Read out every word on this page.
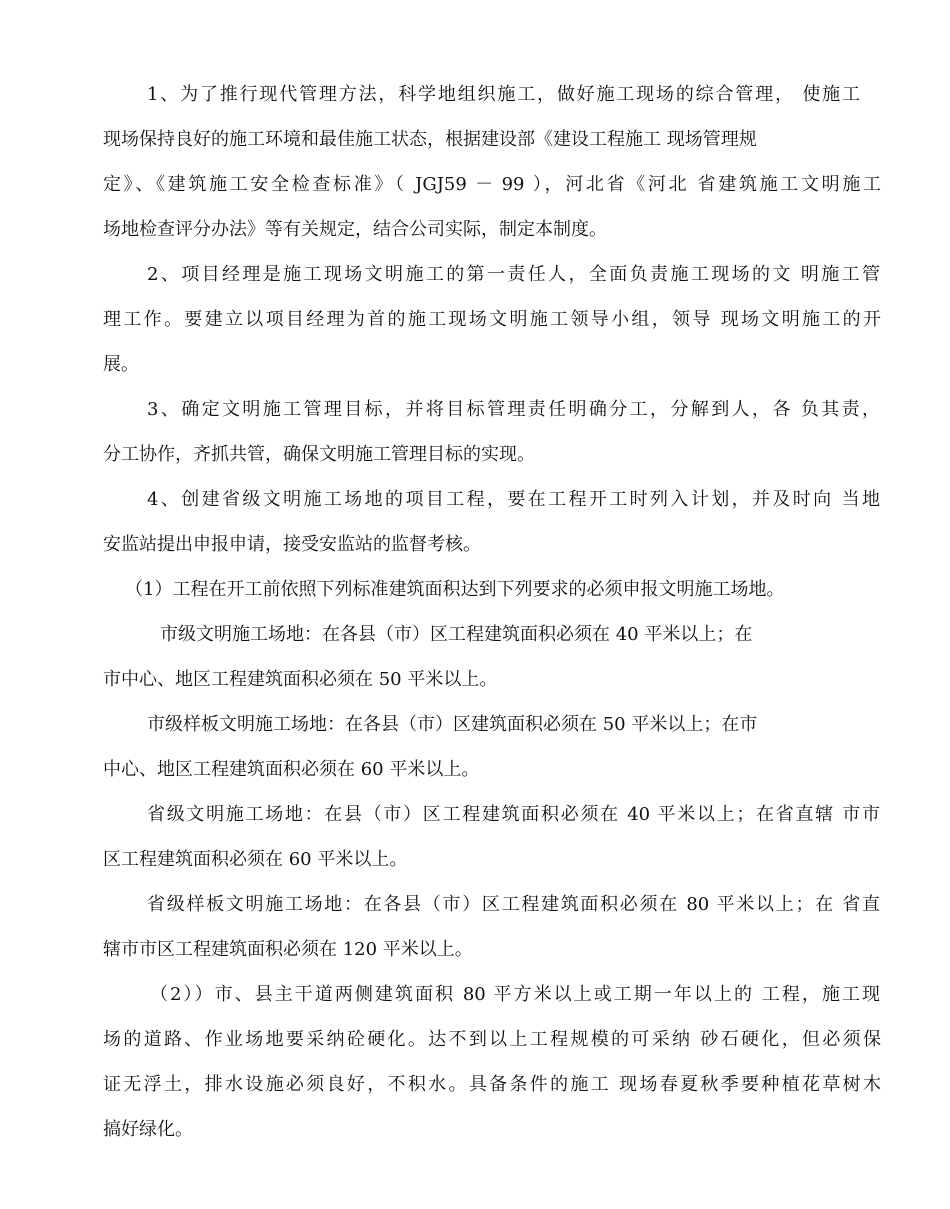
1、为了推行现代管理方法，科学地组织施工，做好施工现场的综合管理， 使施工
现场保持良好的施工环境和最佳施工状态，根据建设部《建设工程施工 现场管理规
定》、《建筑施工安全检查标准》（ JGJ59 － 99 ），河北省《河北 省建筑施工文明施工
场地检查评分办法》等有关规定，结合公司实际，制定本制度。
2、项目经理是施工现场文明施工的第一责任人，全面负责施工现场的文 明施工管
理工作。要建立以项目经理为首的施工现场文明施工领导小组，领导 现场文明施工的开
展。
3、确定文明施工管理目标，并将目标管理责任明确分工，分解到人，各 负其责，
分工协作，齐抓共管，确保文明施工管理目标的实现。
4、创建省级文明施工场地的项目工程，要在工程开工时列入计划，并及时向 当地
安监站提出申报申请，接受安监站的监督考核。
（1）工程在开工前依照下列标准建筑面积达到下列要求的必须申报文明施工场地。
市级文明施工场地：在各县（市）区工程建筑面积必须在 40 平米以上；在
市中心、地区工程建筑面积必须在 50 平米以上。
市级样板文明施工场地：在各县（市）区建筑面积必须在 50 平米以上；在市
中心、地区工程建筑面积必须在 60 平米以上。
省级文明施工场地：在县（市）区工程建筑面积必须在 40 平米以上；在省直辖 市市
区工程建筑面积必须在 60 平米以上。
省级样板文明施工场地：在各县（市）区工程建筑面积必须在 80 平米以上；在 省直
辖市市区工程建筑面积必须在 120 平米以上。
（2））市、县主干道两侧建筑面积 80 平方米以上或工期一年以上的 工程，施工现
场的道路、作业场地要采纳砼硬化。达不到以上工程规模的可采纳 砂石硬化，但必须保
证无浮土，排水设施必须良好，不积水。具备条件的施工 现场春夏秋季要种植花草树木
搞好绿化。
